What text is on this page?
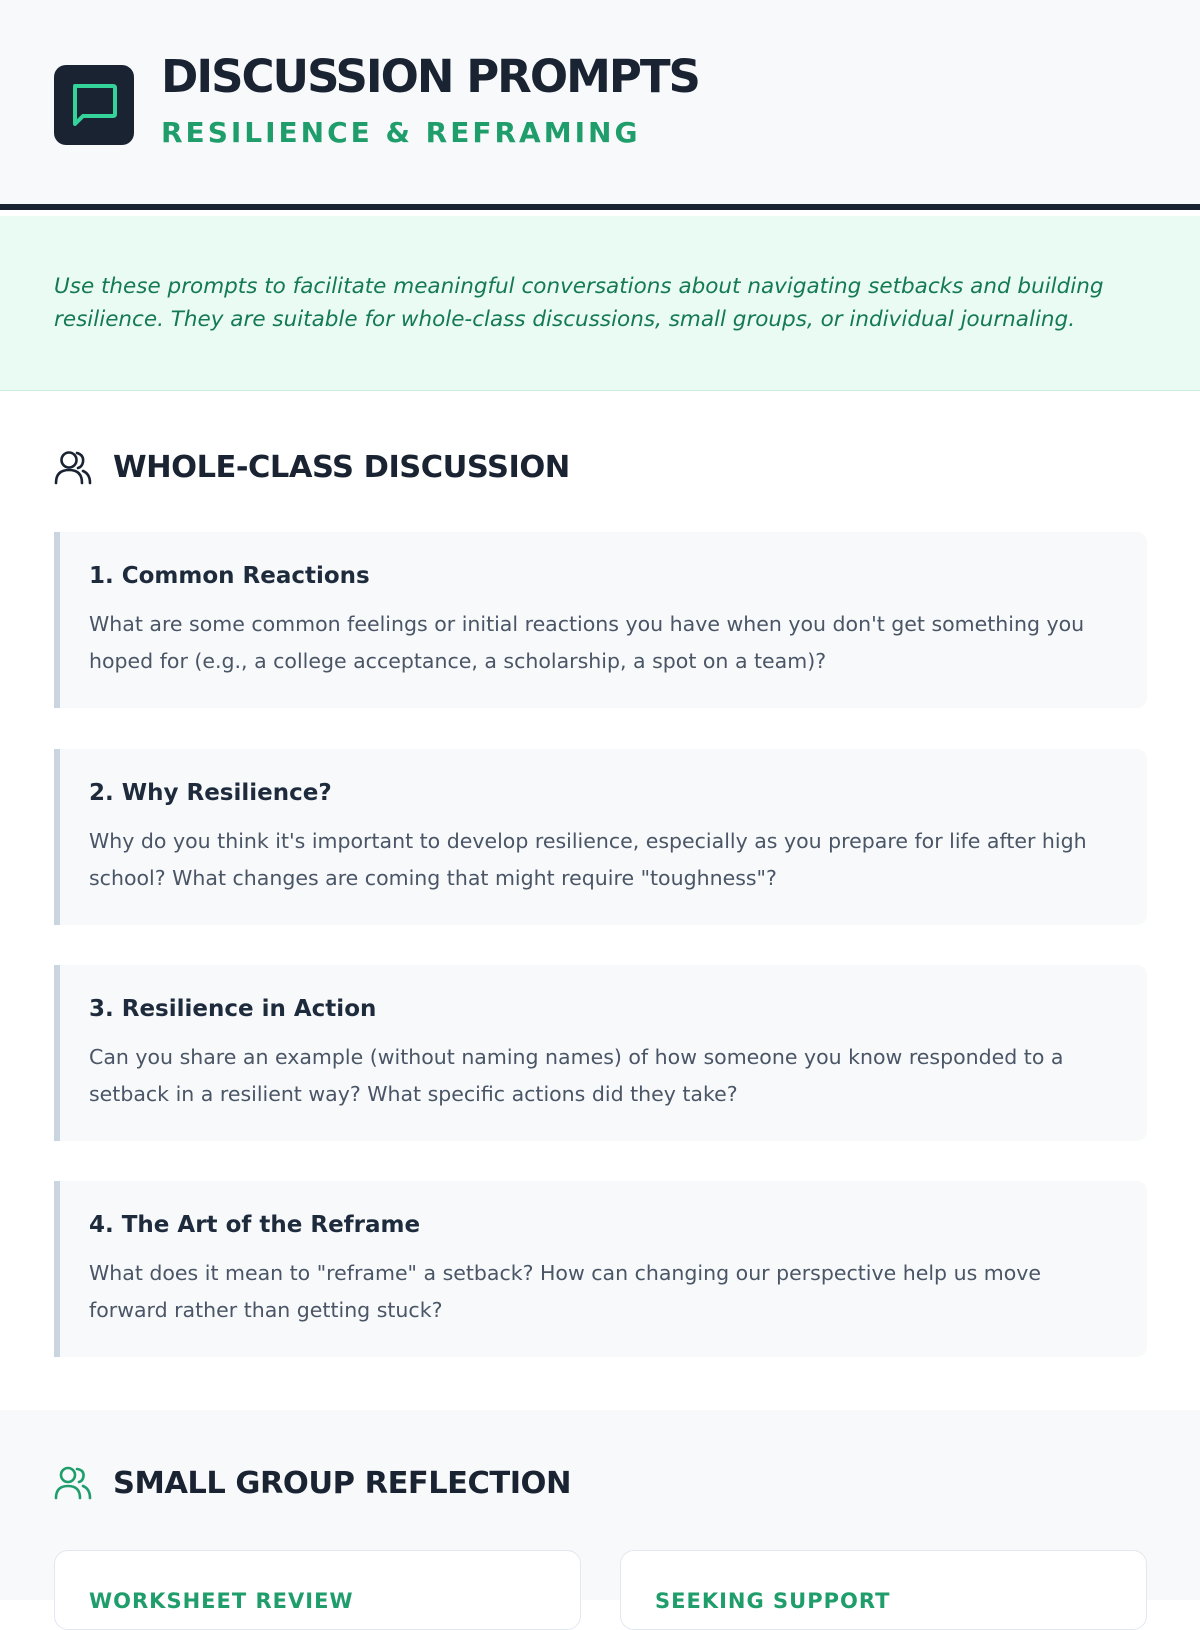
DISCUSSION PROMPTS
RESILIENCE & REFRAMING

Use these prompts to facilitate meaningful conversations about navigating setbacks and building resilience. They are suitable for whole-class discussions, small groups, or individual journaling.

WHOLE-CLASS DISCUSSION
1. Common Reactions
What are some common feelings or initial reactions you have when you don't get something you hoped for (e.g., a college acceptance, a scholarship, a spot on a team)?
2. Why Resilience?
Why do you think it's important to develop resilience, especially as you prepare for life after high school? What changes are coming that might require "toughness"?
3. Resilience in Action
Can you share an example (without naming names) of how someone you know responded to a setback in a resilient way? What specific actions did they take?
4. The Art of the Reframe
What does it mean to "reframe" a setback? How can changing our perspective help us move forward rather than getting stuck?
SMALL GROUP REFLECTION
WORKSHEET REVIEW	SEEKING SUPPORT
